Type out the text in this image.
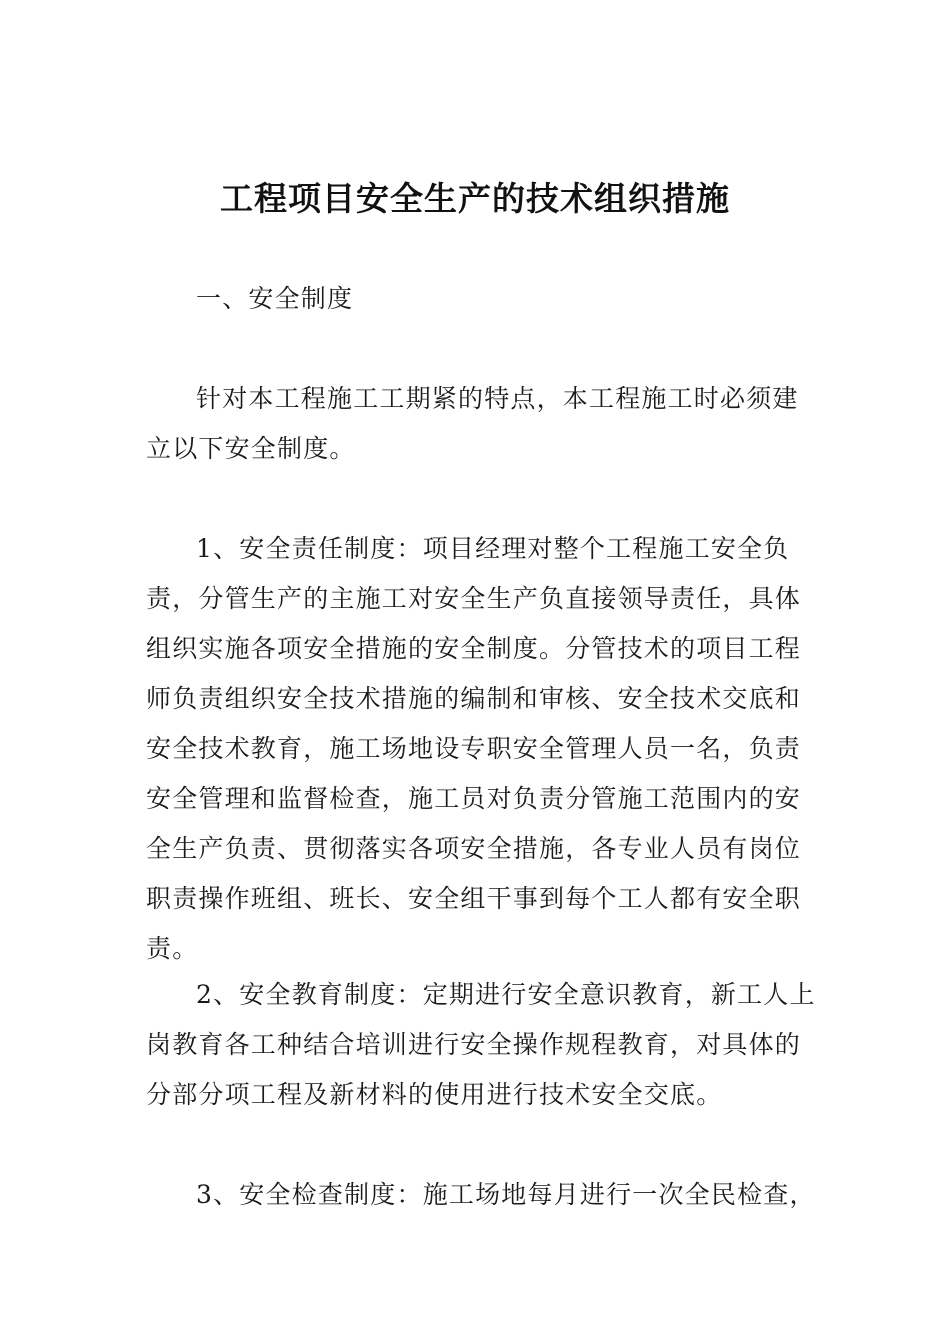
工程项目安全生产的技术组织措施

一、安全制度

针对本工程施工工期紧的特点，本工程施工时必须建立以下安全制度。

1、安全责任制度：项目经理对整个工程施工安全负责，分管生产的主施工对安全生产负直接领导责任，具体组织实施各项安全措施的安全制度。分管技术的项目工程师负责组织安全技术措施的编制和审核、安全技术交底和安全技术教育，施工场地设专职安全管理人员一名，负责安全管理和监督检查，施工员对负责分管施工范围内的安全生产负责、贯彻落实各项安全措施，各专业人员有岗位职责操作班组、班长、安全组干事到每个工人都有安全职责。

2、安全教育制度：定期进行安全意识教育，新工人上岗教育各工种结合培训进行安全操作规程教育，对具体的分部分项工程及新材料的使用进行技术安全交底。

3、安全检查制度：施工场地每月进行一次全民检查，
